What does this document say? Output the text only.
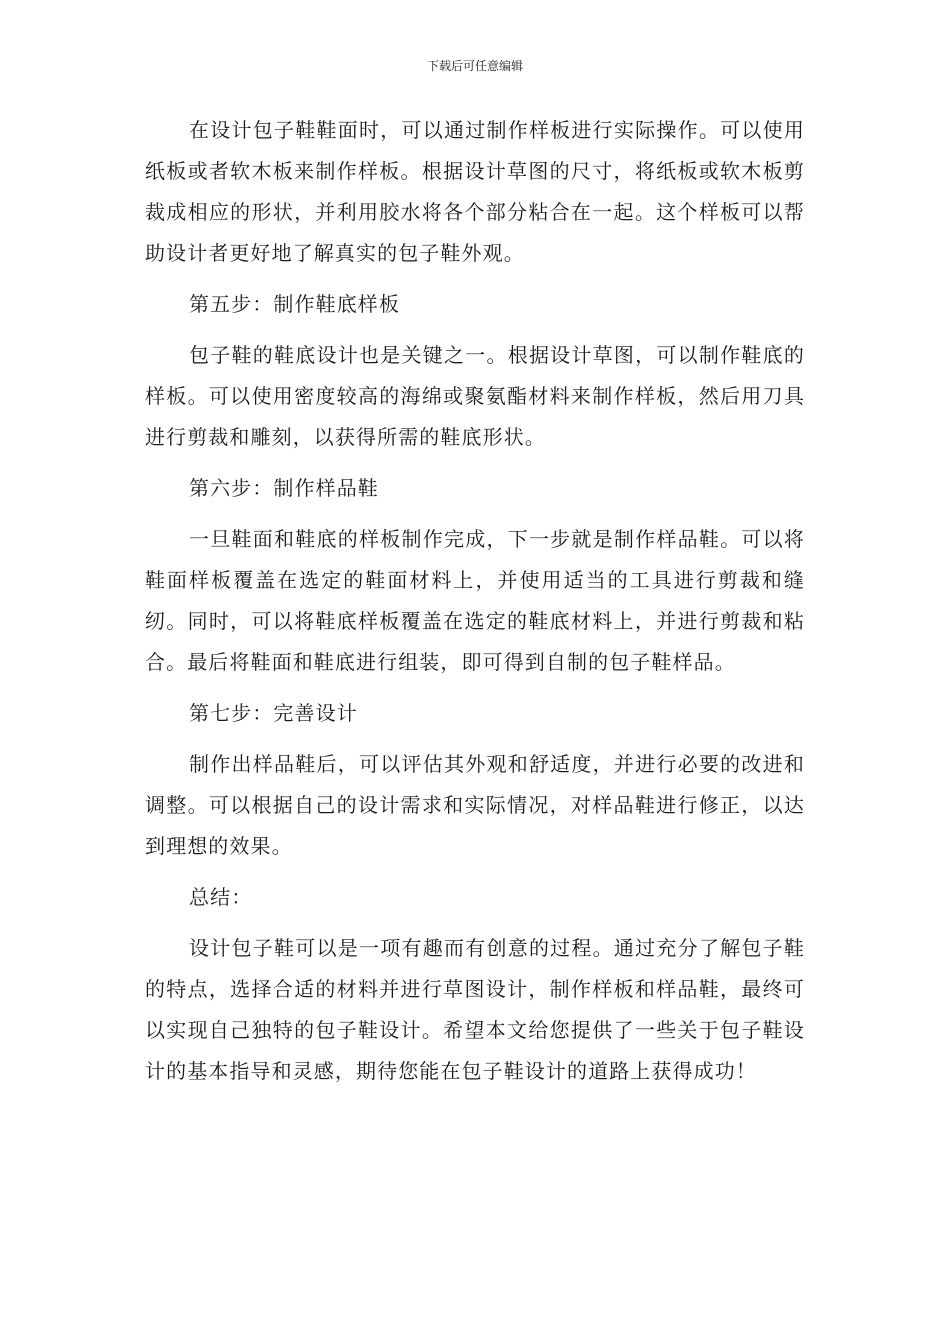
下载后可任意编辑

在设计包子鞋鞋面时，可以通过制作样板进行实际操作。可以使用纸板或者软木板来制作样板。根据设计草图的尺寸，将纸板或软木板剪裁成相应的形状，并利用胶水将各个部分粘合在一起。这个样板可以帮助设计者更好地了解真实的包子鞋外观。

第五步：制作鞋底样板

包子鞋的鞋底设计也是关键之一。根据设计草图，可以制作鞋底的样板。可以使用密度较高的海绵或聚氨酯材料来制作样板，然后用刀具进行剪裁和雕刻，以获得所需的鞋底形状。

第六步：制作样品鞋

一旦鞋面和鞋底的样板制作完成，下一步就是制作样品鞋。可以将鞋面样板覆盖在选定的鞋面材料上，并使用适当的工具进行剪裁和缝纫。同时，可以将鞋底样板覆盖在选定的鞋底材料上，并进行剪裁和粘合。最后将鞋面和鞋底进行组装，即可得到自制的包子鞋样品。

第七步：完善设计

制作出样品鞋后，可以评估其外观和舒适度，并进行必要的改进和调整。可以根据自己的设计需求和实际情况，对样品鞋进行修正，以达到理想的效果。

总结：

设计包子鞋可以是一项有趣而有创意的过程。通过充分了解包子鞋的特点，选择合适的材料并进行草图设计，制作样板和样品鞋，最终可以实现自己独特的包子鞋设计。希望本文给您提供了一些关于包子鞋设计的基本指导和灵感，期待您能在包子鞋设计的道路上获得成功！
